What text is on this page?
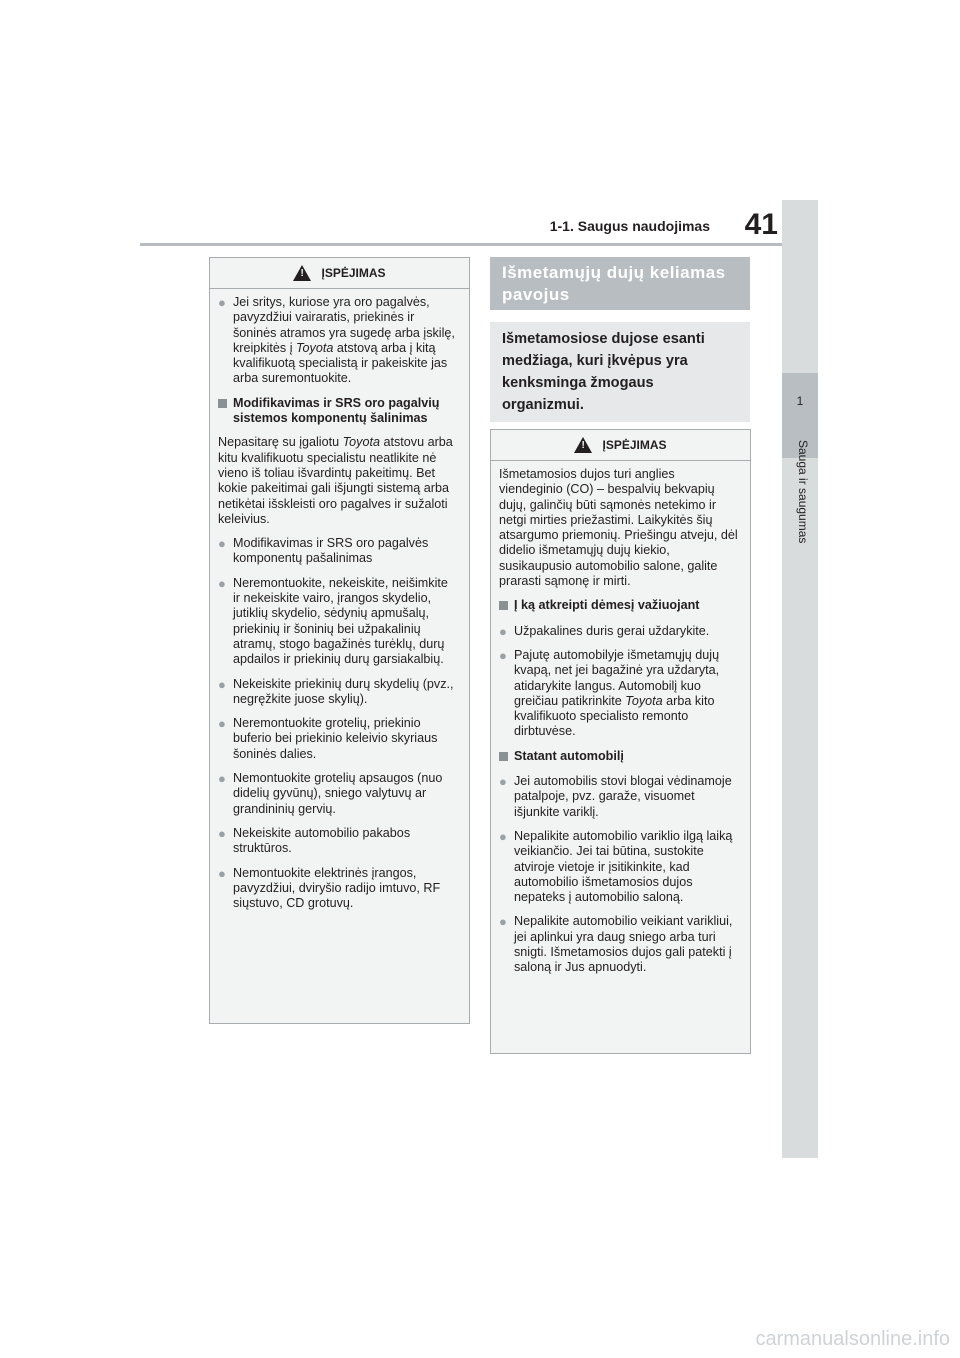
1-1. Saugus naudojimas	41
1
Sauga ir saugumas
! ĮSPĖJIMAS
● Jei sritys, kuriose yra oro pagalvės, pavyzdžiui vairaratis, priekinės ir šoninės atramos yra sugedę arba įskilę, kreipkitės į Toyota atstovą arba į kitą kvalifikuotą specialistą ir pakeiskite jas arba suremontuokite.
Modifikavimas ir SRS oro pagalvių sistemos komponentų šalinimas
Nepasitarę su įgaliotu Toyota atstovu arba kitu kvalifikuotu specialistu neatlikite nė vieno iš toliau išvardintų pakeitimų. Bet kokie pakeitimai gali išjungti sistemą arba netikėtai išskleisti oro pagalves ir sužaloti keleivius.
● Modifikavimas ir SRS oro pagalvės komponentų pašalinimas
● Neremontuokite, nekeiskite, neišimkite ir nekeiskite vairo, įrangos skydelio, jutiklių skydelio, sėdynių apmušalų, priekinių ir šoninių bei užpakalinių atramų, stogo bagažinės turėklų, durų apdailos ir priekinių durų garsiakalbių.
● Nekeiskite priekinių durų skydelių (pvz., negręžkite juose skylių).
● Neremontuokite grotelių, priekinio buferio bei priekinio keleivio skyriaus šoninės dalies.
● Nemontuokite grotelių apsaugos (nuo didelių gyvūnų), sniego valytuvų ar grandininių gervių.
● Nekeiskite automobilio pakabos struktūros.
● Nemontuokite elektrinės įrangos, pavyzdžiui, dviryšio radijo imtuvo, RF siųstuvo, CD grotuvų.
Išmetamųjų dujų keliamas pavojus
Išmetamosiose dujose esanti medžiaga, kuri įkvėpus yra kenksminga žmogaus organizmui.
! ĮSPĖJIMAS
Išmetamosios dujos turi anglies viendeginio (CO) – bespalvių bekvapių dujų, galinčių būti sąmonės netekimo ir netgi mirties priežastimi. Laikykitės šių atsargumo priemonių. Priešingu atveju, dėl didelio išmetamųjų dujų kiekio, susikaupusio automobilio salone, galite prarasti sąmonę ir mirti.
Į ką atkreipti dėmesį važiuojant
● Užpakalines duris gerai uždarykite.
● Pajutę automobilyje išmetamųjų dujų kvapą, net jei bagažinė yra uždaryta, atidarykite langus. Automobilį kuo greičiau patikrinkite Toyota arba kito kvalifikuoto specialisto remonto dirbtuvėse.
Statant automobilį
● Jei automobilis stovi blogai vėdinamoje patalpoje, pvz. garaže, visuomet išjunkite variklį.
● Nepalikite automobilio variklio ilgą laiką veikiančio. Jei tai būtina, sustokite atviroje vietoje ir įsitikinkite, kad automobilio išmetamosios dujos nepateks į automobilio saloną.
● Nepalikite automobilio veikiant varikliui, jei aplinkui yra daug sniego arba turi snigti. Išmetamosios dujos gali patekti į saloną ir Jus apnuodyti.
carmanualsonline.info
